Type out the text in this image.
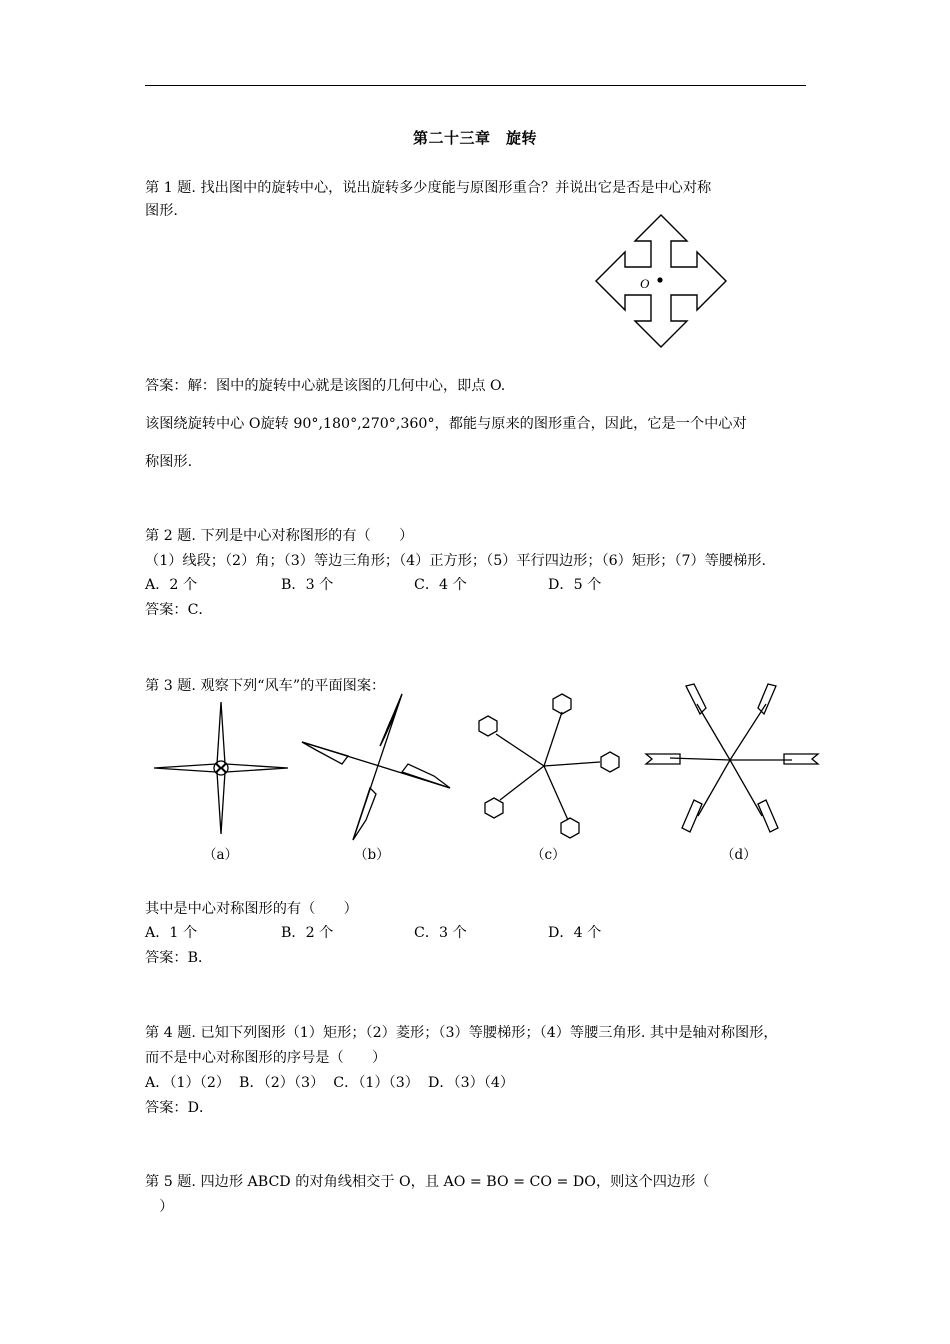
第二十三章　旋转
第 1 题. 找出图中的旋转中心，说出旋转多少度能与原图形重合？并说出它是否是中心对称
图形.
O
答案：解：图中的旋转中心就是该图的几何中心，即点 O.
该图绕旋转中心 O旋转 90°,180°,270°,360°，都能与原来的图形重合，因此，它是一个中心对
称图形.
第 2 题. 下列是中心对称图形的有（　　）
（1）线段；（2）角；（3）等边三角形；（4）正方形；（5）平行四边形；（6）矩形；（7）等腰梯形.
A．2 个	B．3 个	C．4 个	D．5 个
答案：C．
第 3 题. 观察下列“风车”的平面图案：
（a）	（b）	（c）	（d）
其中是中心对称图形的有（　　）
A．1 个	B．2 个	C．3 个	D．4 个
答案：B．
第 4 题. 已知下列图形（1）矩形；（2）菱形；（3）等腰梯形；（4）等腰三角形. 其中是轴对称图形，
而不是中心对称图形的序号是（　　）
A．（1）（2）  B．（2）（3）  C．（1）（3）  D．（3）（4）
答案：D．
第 5 题. 四边形 ABCD 的对角线相交于 O，且 AO = BO = CO = DO，则这个四边形（
　）
